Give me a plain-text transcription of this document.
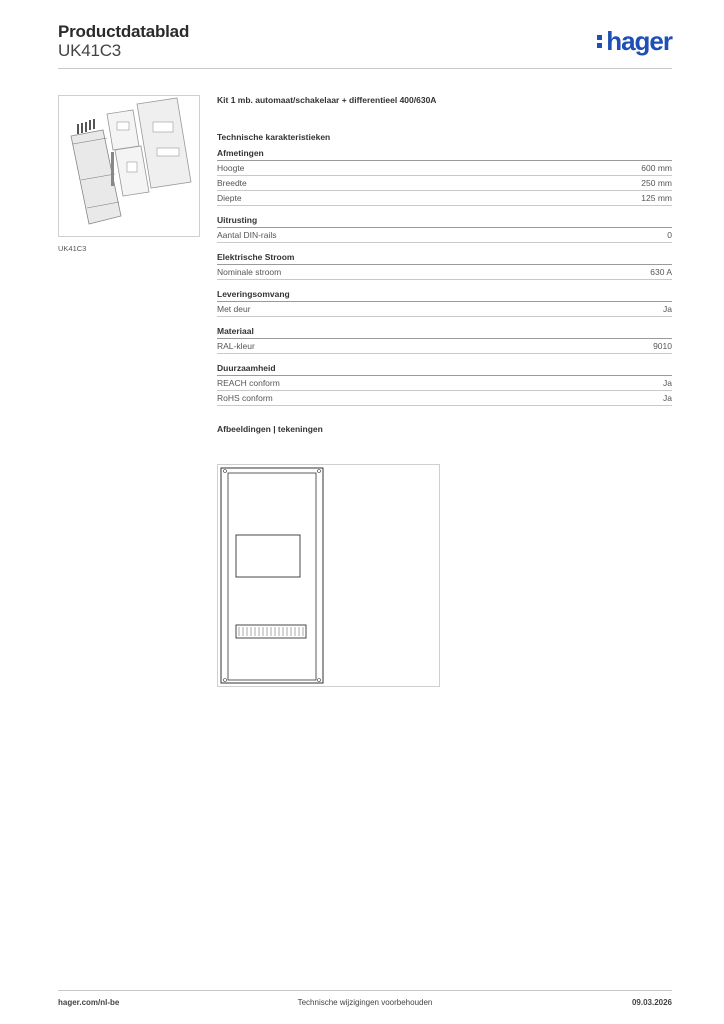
Productdatablad
UK41C3	hager
UK41C3
Kit 1 mb. automaat/schakelaar + differentieel 400/630A
Technische karakteristieken
Afmetingen
Hoogte	600 mm
Breedte	250 mm
Diepte	125 mm
Uitrusting
Aantal DIN-rails	0
Elektrische Stroom
Nominale stroom	630 A
Leveringsomvang
Met deur	Ja
Materiaal
RAL-kleur	9010
Duurzaamheid
REACH conform	Ja
RoHS conform	Ja
Afbeeldingen | tekeningen
hager.com/nl-be	Technische wijzigingen voorbehouden	09.03.2026
